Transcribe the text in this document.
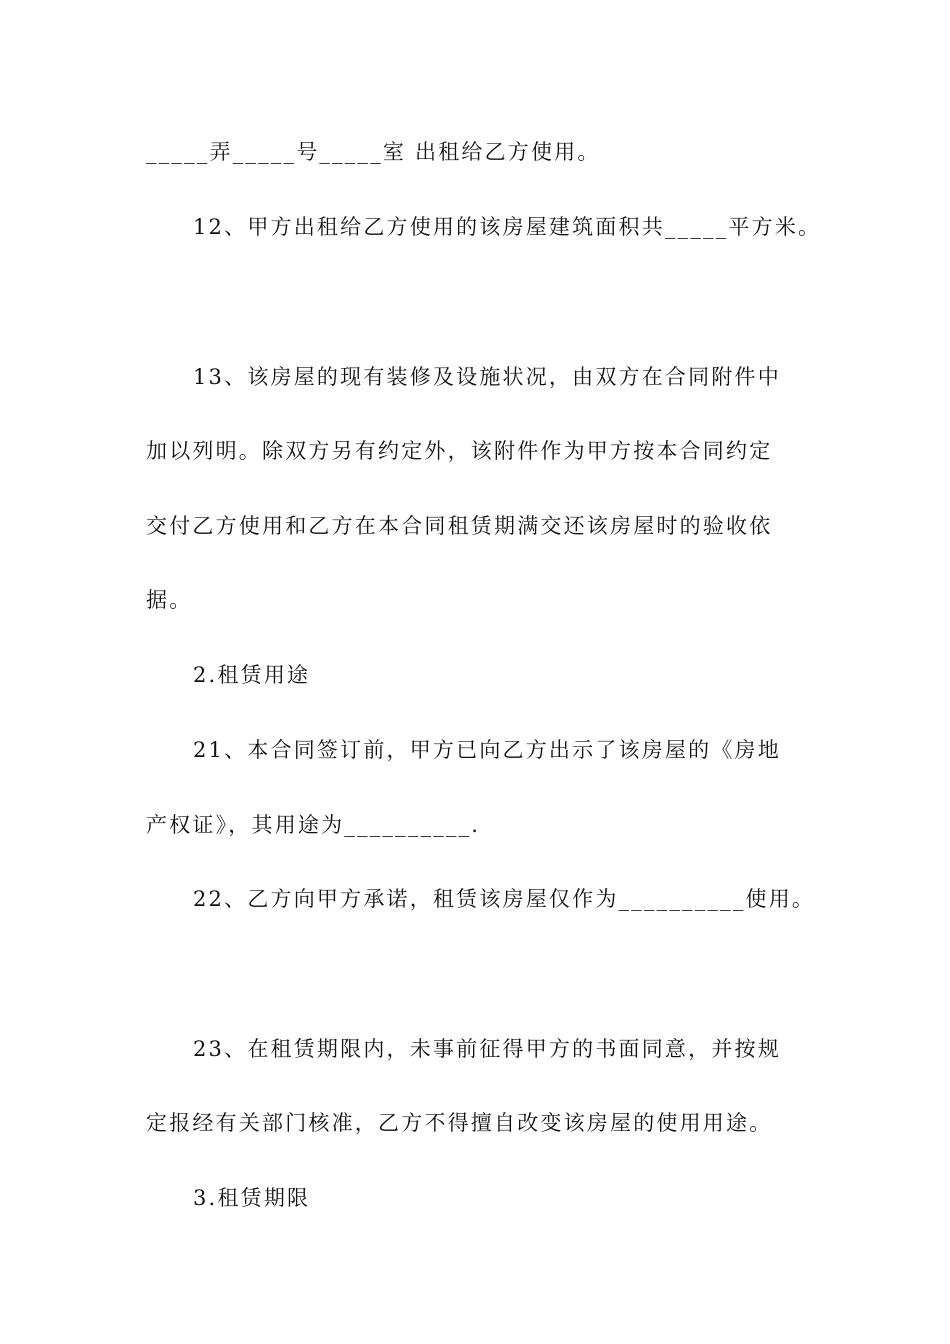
_____弄_____号_____室 出租给乙方使用。
12、甲方出租给乙方使用的该房屋建筑面积共_____平方米。
13、该房屋的现有装修及设施状况，由双方在合同附件中
加以列明。除双方另有约定外，该附件作为甲方按本合同约定
交付乙方使用和乙方在本合同租赁期满交还该房屋时的验收依
据。
2.租赁用途
21、本合同签订前，甲方已向乙方出示了该房屋的《房地
产权证》，其用途为__________.
22、乙方向甲方承诺，租赁该房屋仅作为__________使用。
23、在租赁期限内，未事前征得甲方的书面同意，并按规
定报经有关部门核准，乙方不得擅自改变该房屋的使用用途。
3.租赁期限
